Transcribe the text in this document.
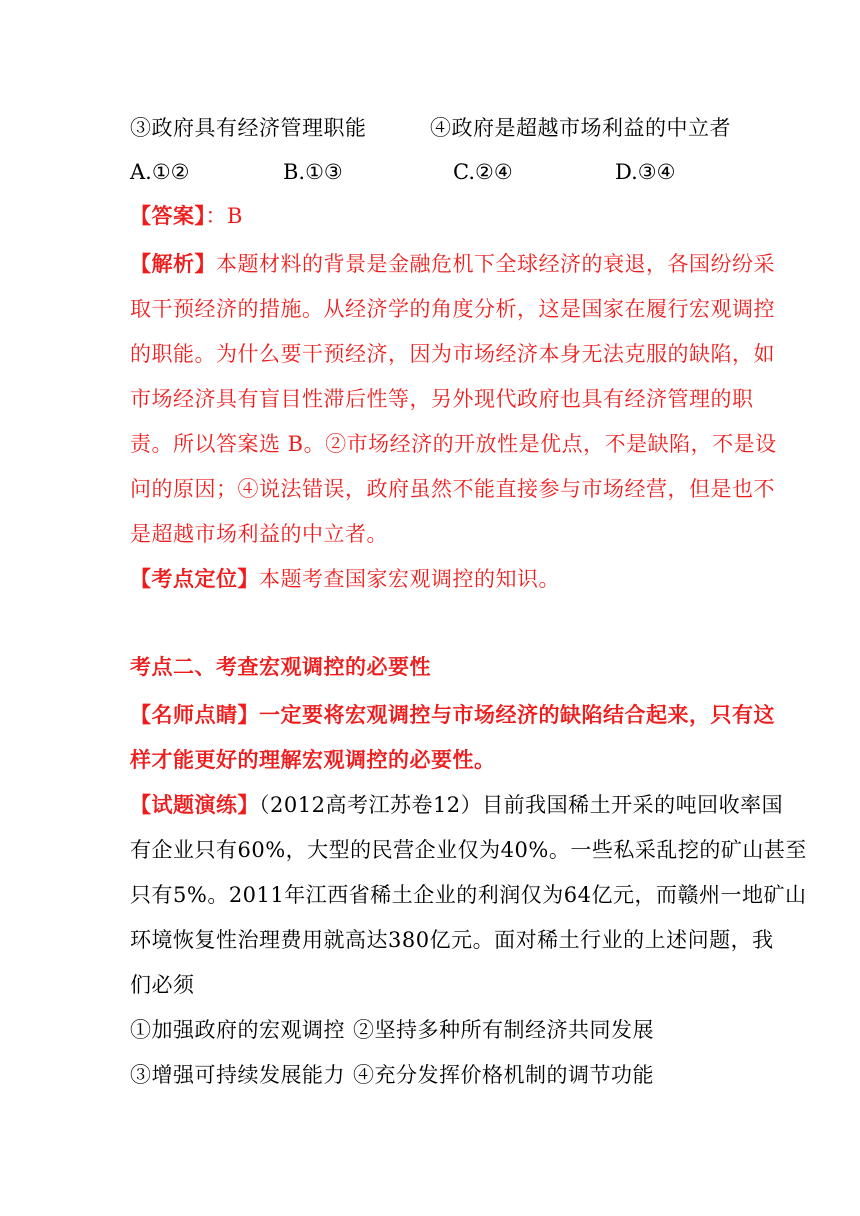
③政府具有经济管理职能	④政府是超越市场利益的中立者
A.①②	B.①③	C.②④	D.③④
【答案】：B
【解析】本题材料的背景是金融危机下全球经济的衰退，各国纷纷采
取干预经济的措施。从经济学的角度分析，这是国家在履行宏观调控
的职能。为什么要干预经济，因为市场经济本身无法克服的缺陷，如
市场经济具有盲目性滞后性等，另外现代政府也具有经济管理的职
责。所以答案选 B。②市场经济的开放性是优点，不是缺陷，不是设
问的原因；④说法错误，政府虽然不能直接参与市场经营，但是也不
是超越市场利益的中立者。
【考点定位】本题考查国家宏观调控的知识。
考点二、考查宏观调控的必要性
【名师点睛】一定要将宏观调控与市场经济的缺陷结合起来，只有这
样才能更好的理解宏观调控的必要性。
【试题演练】（2012高考江苏卷12）目前我国稀土开采的吨回收率国
有企业只有60%，大型的民营企业仅为40%。一些私采乱挖的矿山甚至
只有5%。2011年江西省稀土企业的利润仅为64亿元，而赣州一地矿山
环境恢复性治理费用就高达380亿元。面对稀土行业的上述问题，我
们必须
①加强政府的宏观调控 ②坚持多种所有制经济共同发展
③增强可持续发展能力 ④充分发挥价格机制的调节功能
